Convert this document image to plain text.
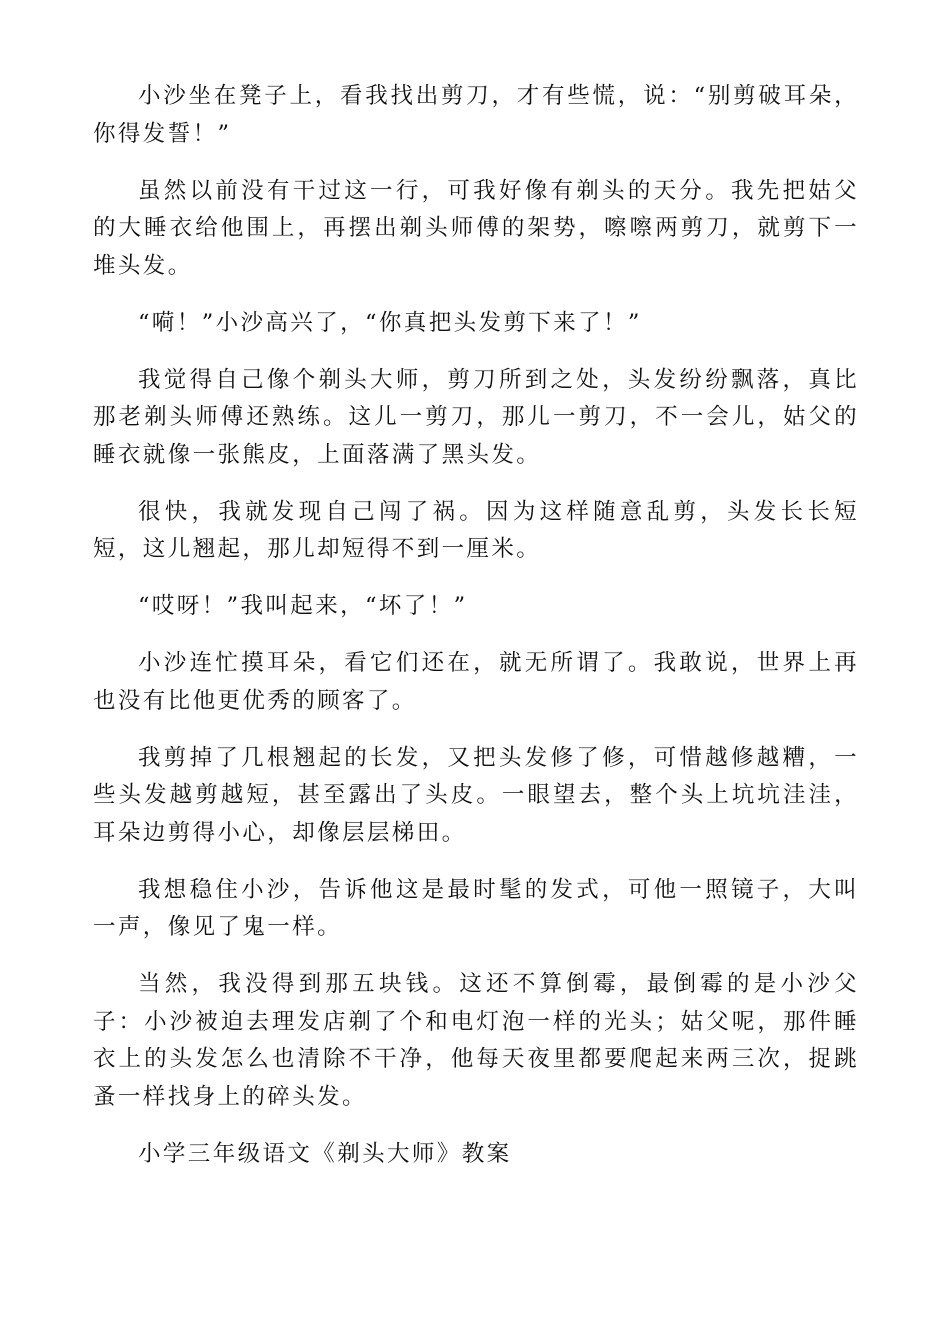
小沙坐在凳子上，看我找出剪刀，才有些慌，说：“别剪破耳朵，你得发誓！”

虽然以前没有干过这一行，可我好像有剃头的天分。我先把姑父的大睡衣给他围上，再摆出剃头师傅的架势，嚓嚓两剪刀，就剪下一堆头发。

“嗬！”小沙高兴了，“你真把头发剪下来了！”

我觉得自己像个剃头大师，剪刀所到之处，头发纷纷飘落，真比那老剃头师傅还熟练。这儿一剪刀，那儿一剪刀，不一会儿，姑父的睡衣就像一张熊皮，上面落满了黑头发。

很快，我就发现自己闯了祸。因为这样随意乱剪，头发长长短短，这儿翘起，那儿却短得不到一厘米。

“哎呀！”我叫起来，“坏了！”

小沙连忙摸耳朵，看它们还在，就无所谓了。我敢说，世界上再也没有比他更优秀的顾客了。

我剪掉了几根翘起的长发，又把头发修了修，可惜越修越糟，一些头发越剪越短，甚至露出了头皮。一眼望去，整个头上坑坑洼洼，耳朵边剪得小心，却像层层梯田。

我想稳住小沙，告诉他这是最时髦的发式，可他一照镜子，大叫一声，像见了鬼一样。

当然，我没得到那五块钱。这还不算倒霉，最倒霉的是小沙父子：小沙被迫去理发店剃了个和电灯泡一样的光头；姑父呢，那件睡衣上的头发怎么也清除不干净，他每天夜里都要爬起来两三次，捉跳蚤一样找身上的碎头发。

小学三年级语文《剃头大师》教案
